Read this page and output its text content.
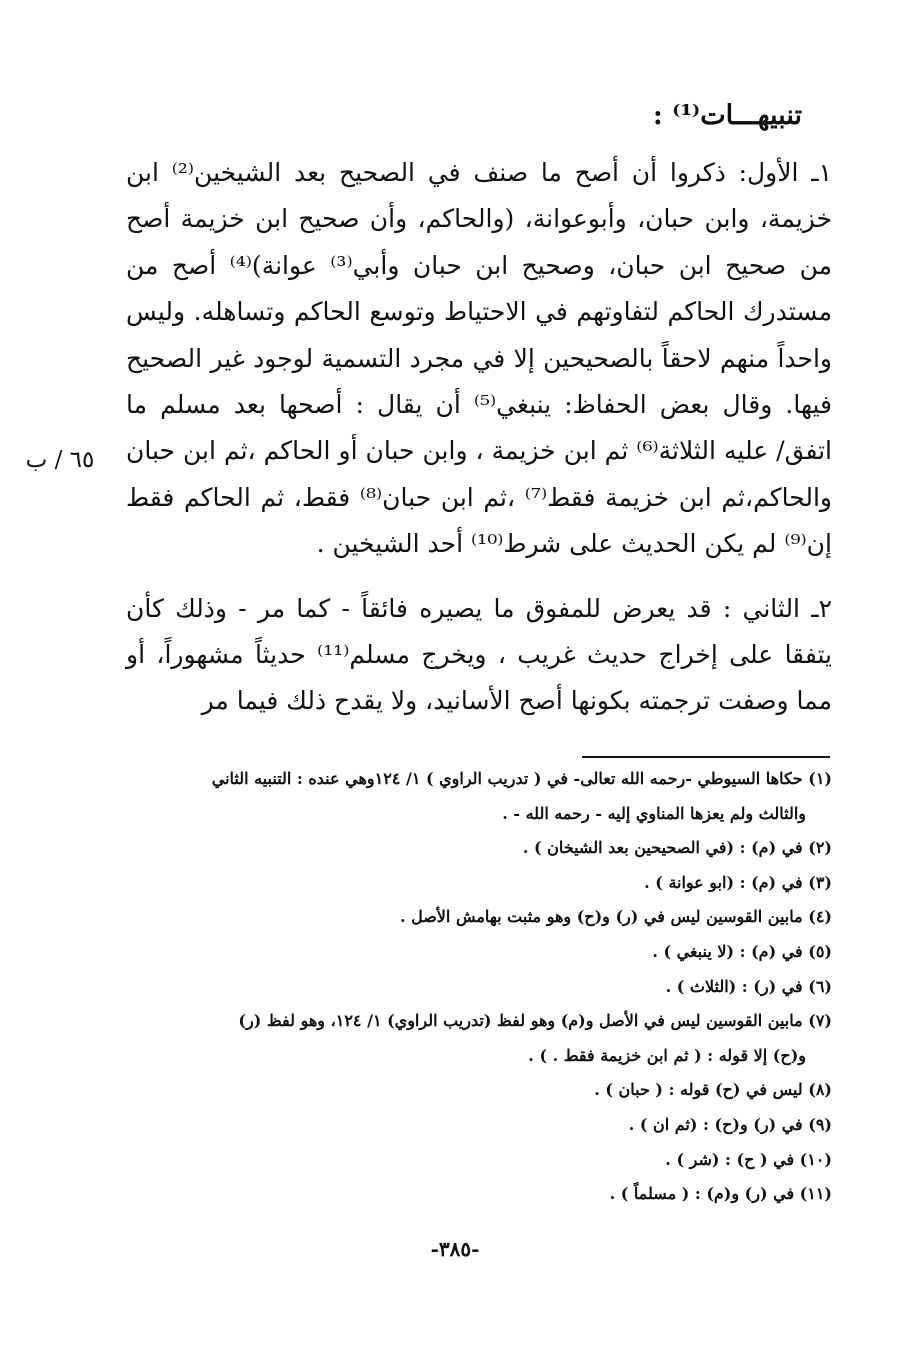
تنبيهـــات⁽¹⁾ :
٦٥ / ب

١ـ الأول: ذكروا أن أصح ما صنف في الصحيح بعد الشيخين⁽²⁾ ابن خزيمة، وابن حبان، وأبوعوانة، (والحاكم، وأن صحيح ابن خزيمة أصح من صحيح ابن حبان، وصحيح ابن حبان وأبي⁽³⁾ عوانة)⁽⁴⁾ أصح من مستدرك الحاكم لتفاوتهم في الاحتياط وتوسع الحاكم وتساهله. وليس واحداً منهم لاحقاً بالصحيحين إلا في مجرد التسمية لوجود غير الصحيح فيها. وقال بعض الحفاظ: ينبغي⁽⁵⁾ أن يقال : أصحها بعد مسلم ما اتفق/ عليه الثلاثة⁽⁶⁾ ثم ابن خزيمة ، وابن حبان أو الحاكم ،ثم ابن حبان والحاكم،ثم ابن خزيمة فقط⁽⁷⁾ ،ثم ابن حبان⁽⁸⁾ فقط، ثم الحاكم فقط إن⁽⁹⁾ لم يكن الحديث على شرط⁽¹⁰⁾ أحد الشيخين .

٢ـ الثاني : قد يعرض للمفوق ما يصيره فائقاً - كما مر - وذلك كأن يتفقا على إخراج حديث غريب ، ويخرج مسلم⁽¹¹⁾ حديثاً مشهوراً، أو مما وصفت ترجمته بكونها أصح الأسانيد، ولا يقدح ذلك فيما مر

(١) حكاها السيوطي -رحمه الله تعالى- في ( تدريب الراوي ) ١/ ١٢٤وهي عنده : التنبيه الثاني

والثالث ولم يعزها المناوي إليه - رحمه الله - .

(٢) في (م) : (في الصحيحين بعد الشيخان ) .

(٣) في (م) : (ابو عوانة ) .

(٤) مابين القوسين ليس في (ر) و(ح) وهو مثبت بهامش الأصل .

(٥) في (م) : (لا ينبغي ) .

(٦) في (ر) : (الثلاث ) .

(٧) مابين القوسين ليس في الأصل و(م) وهو لفظ (تدريب الراوي) ١/ ١٢٤، وهو لفظ (ر)

و(ح) إلا قوله : ( ثم ابن خزيمة فقط . ) .

(٨) ليس في (ح) قوله : ( حبان ) .

(٩) في (ر) و(ح) : (ثم ان ) .

(١٠) في ( ح) : (شر ) .

(١١) في (ر) و(م) : ( مسلماً ) .

-٣٨٥-
